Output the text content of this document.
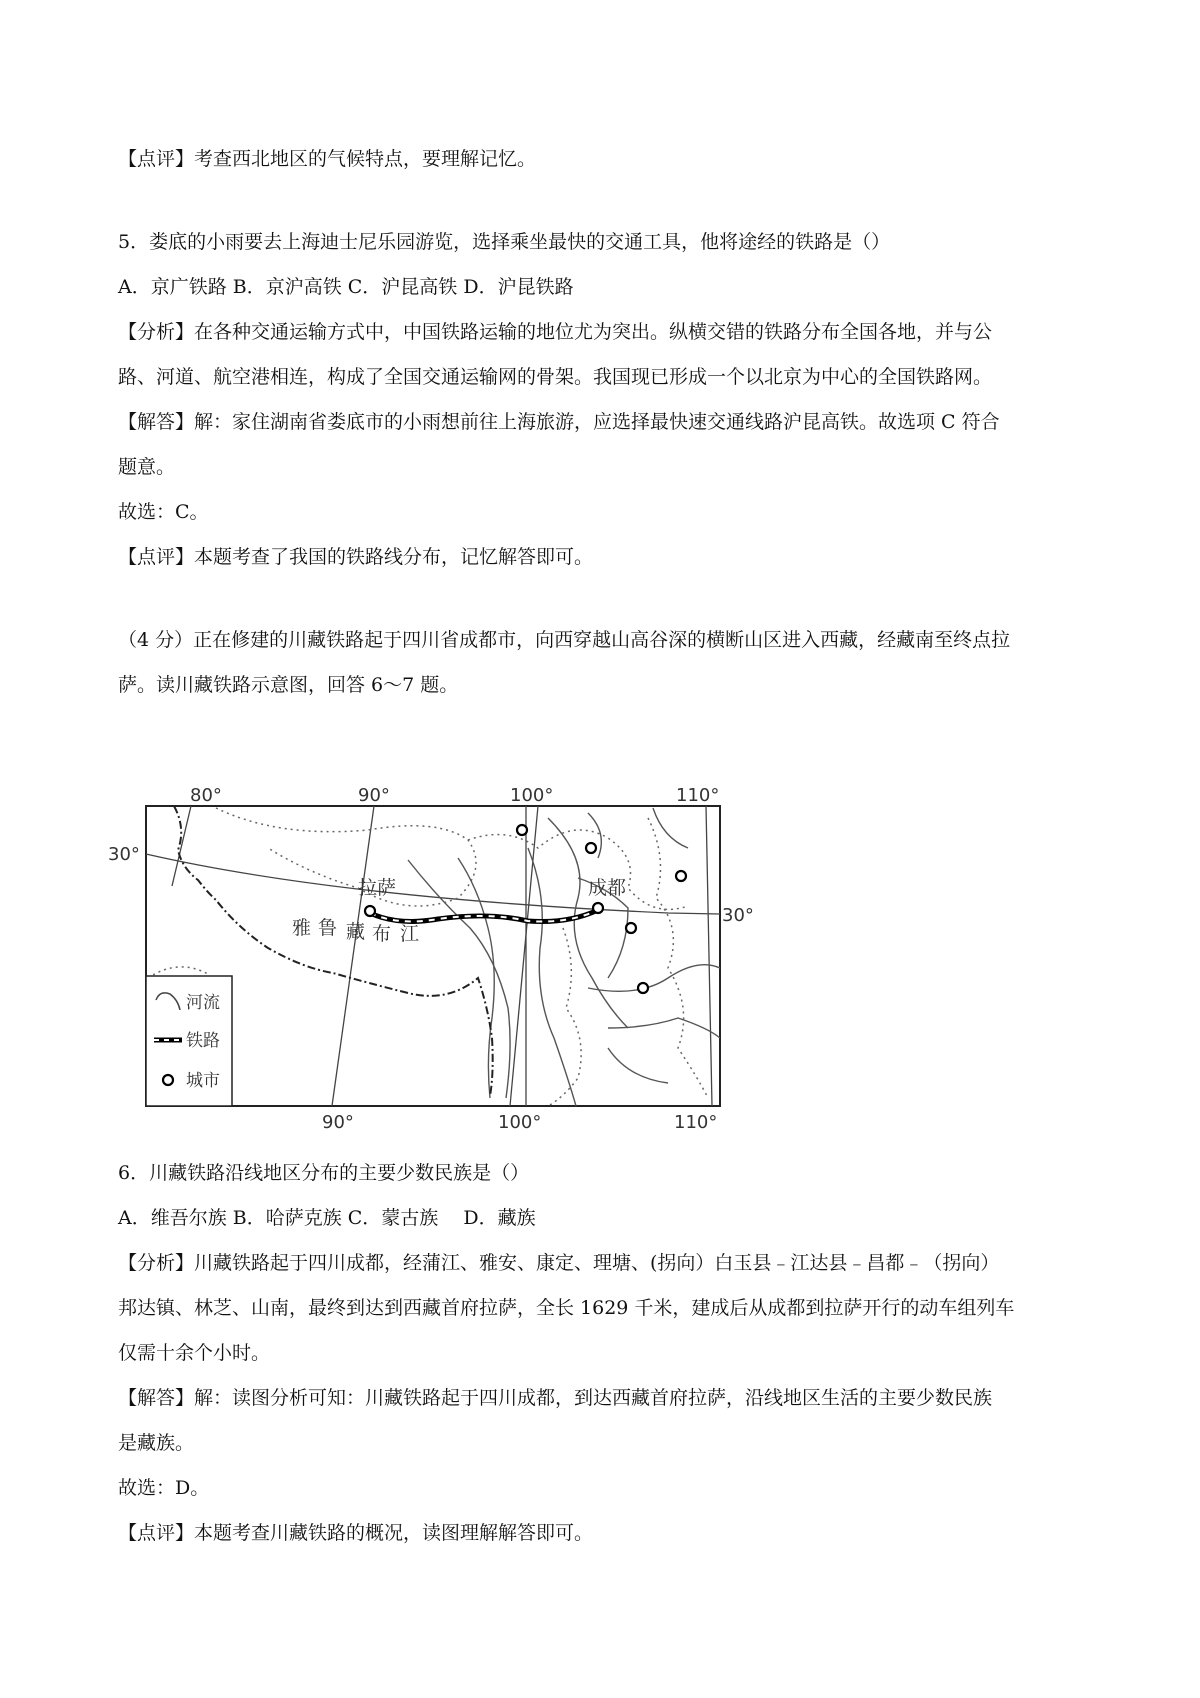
【点评】考查西北地区的气候特点，要理解记忆。
5．娄底的小雨要去上海迪士尼乐园游览，选择乘坐最快的交通工具，他将途经的铁路是（）
A．京广铁路 B．京沪高铁 C．沪昆高铁 D．沪昆铁路
【分析】在各种交通运输方式中，中国铁路运输的地位尤为突出。纵横交错的铁路分布全国各地，并与公
路、河道、航空港相连，构成了全国交通运输网的骨架。我国现已形成一个以北京为中心的全国铁路网。
【解答】解：家住湖南省娄底市的小雨想前往上海旅游，应选择最快速交通线路沪昆高铁。故选项 C 符合
题意。
故选：C。
【点评】本题考查了我国的铁路线分布，记忆解答即可。
（4 分）正在修建的川藏铁路起于四川省成都市，向西穿越山高谷深的横断山区进入西藏，经藏南至终点拉
萨。读川藏铁路示意图，回答 6～7 题。
80°	90°	100°	110°
90°	100°	110°
30°
30°
拉萨	成都
雅 鲁 藏 布 江
河流
铁路
城市
6．川藏铁路沿线地区分布的主要少数民族是（）
A．维吾尔族 B．哈萨克族 C．蒙古族　 D．藏族
【分析】川藏铁路起于四川成都，经蒲江、雅安、康定、理塘、(拐向）白玉县﹣江达县﹣昌都﹣（拐向）
邦达镇、林芝、山南，最终到达到西藏首府拉萨，全长 1629 千米，建成后从成都到拉萨开行的动车组列车
仅需十余个小时。
【解答】解：读图分析可知：川藏铁路起于四川成都，到达西藏首府拉萨，沿线地区生活的主要少数民族
是藏族。
故选：D。
【点评】本题考查川藏铁路的概况，读图理解解答即可。
